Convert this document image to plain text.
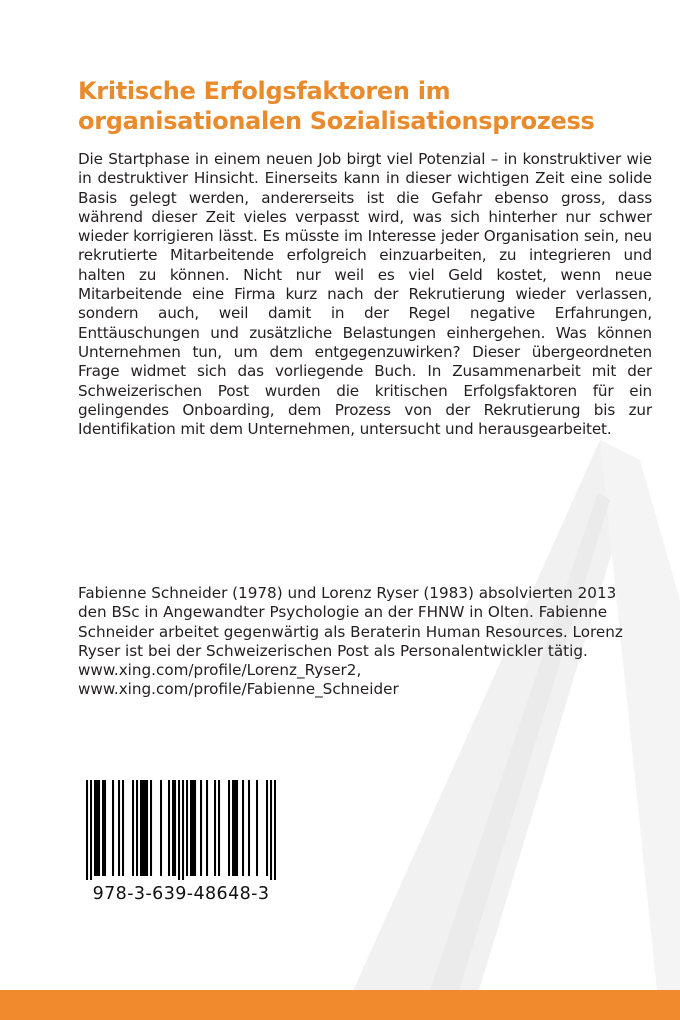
Kritische Erfolgsfaktoren im
organisationalen Sozialisationsprozess

Die Startphase in einem neuen Job birgt viel Potenzial – in konstruktiver wie in destruktiver Hinsicht. Einerseits kann in dieser wichtigen Zeit eine solide Basis gelegt werden, andererseits ist die Gefahr ebenso gross, dass während dieser Zeit vieles verpasst wird, was sich hinterher nur schwer wieder korrigieren lässt. Es müsste im Interesse jeder Organisation sein, neu rekrutierte Mitarbeitende erfolgreich einzuarbeiten, zu integrieren und halten zu können. Nicht nur weil es viel Geld kostet, wenn neue Mitarbeitende eine Firma kurz nach der Rekrutierung wieder verlassen, sondern auch, weil damit in der Regel negative Erfahrungen, Enttäuschungen und zusätzliche Belastungen einhergehen. Was können Unternehmen tun, um dem entgegenzuwirken? Dieser übergeordneten Frage widmet sich das vorliegende Buch. In Zusammenarbeit mit der Schweizerischen Post wurden die kritischen Erfolgsfaktoren für ein gelingendes Onboarding, dem Prozess von der Rekrutierung bis zur Identifikation mit dem Unternehmen, untersucht und herausgearbeitet.

Fabienne Schneider (1978) und Lorenz Ryser (1983) absolvierten 2013
den BSc in Angewandter Psychologie an der FHNW in Olten. Fabienne
Schneider arbeitet gegenwärtig als Beraterin Human Resources. Lorenz
Ryser ist bei der Schweizerischen Post als Personalentwickler tätig.
www.xing.com/profile/Lorenz_Ryser2,
www.xing.com/profile/Fabienne_Schneider
978-3-639-48648-3
